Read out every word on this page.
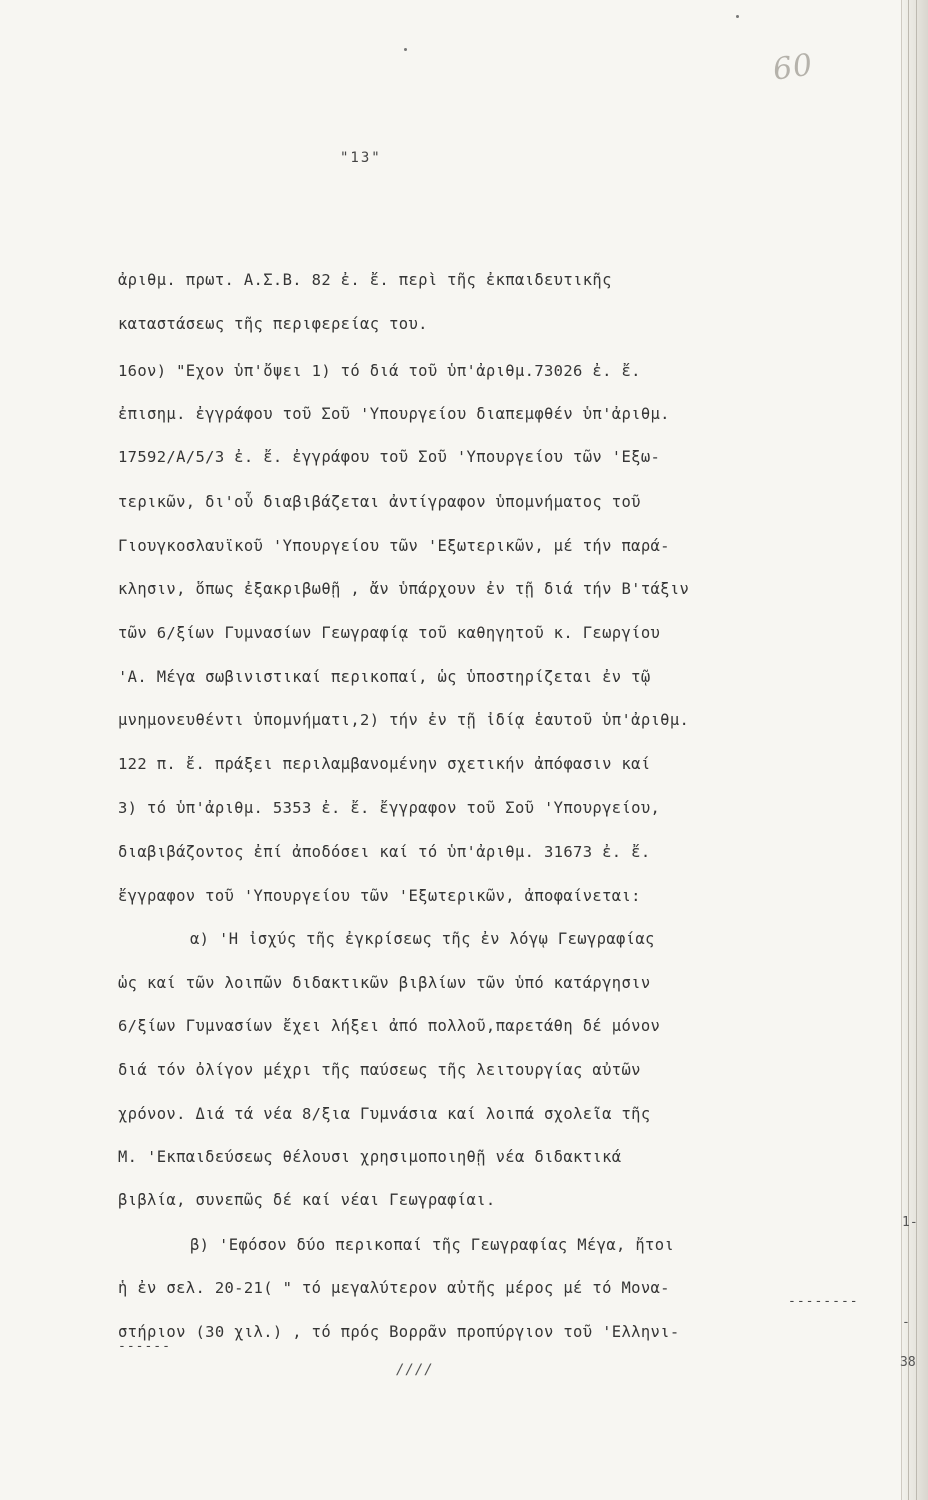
60
"13"
ἀριθμ. πρωτ. Α.Σ.Β. 82 ἐ. ἔ. περὶ τῆς ἐκπαιδευτικῆς
καταστάσεως τῆς περιφερείας του.
16ον) "Εχον ὑπ'ὄψει 1) τό διά τοῦ ὑπ'ἀριθμ.73026 ἐ. ἔ.
ἐπισημ. ἐγγράφου τοῦ Σοῦ 'Υπουργείου διαπεμφθέν ὑπ'ἀριθμ.
17592/Α/5/3 ἐ. ἔ. ἐγγράφου τοῦ Σοῦ 'Υπουργείου τῶν 'Εξω-
τερικῶν, δι'οὗ διαβιβάζεται ἀντίγραφον ὑπομνήματος τοῦ
Γιουγκοσλαυϊκοῦ 'Υπουργείου τῶν 'Εξωτερικῶν, μέ τήν παρά-
κλησιν, ὅπως ἐξακριβωθῇ , ἄν ὑπάρχουν ἐν τῇ διά τήν Β'τάξιν
τῶν 6/ξίων Γυμνασίων Γεωγραφίᾳ τοῦ καθηγητοῦ κ. Γεωργίου
'Α. Μέγα σωβινιστικαί περικοπαί, ὡς ὑποστηρίζεται ἐν τῷ
μνημονευθέντι ὑπομνήματι,2) τήν ἐν τῇ ἰδίᾳ ἑαυτοῦ ὑπ'ἀριθμ.
122 π. ἔ. πράξει περιλαμβανομένην σχετικήν ἀπόφασιν καί
3) τό ὑπ'ἀριθμ. 5353 ἐ. ἔ. ἔγγραφον τοῦ Σοῦ 'Υπουργείου,
διαβιβάζοντος ἐπί ἀποδόσει καί τό ὑπ'ἀριθμ. 31673 ἐ. ἔ.
ἔγγραφον τοῦ 'Υπουργείου τῶν 'Εξωτερικῶν, ἀποφαίνεται:
α) 'Η ἰσχύς τῆς ἐγκρίσεως τῆς ἐν λόγῳ Γεωγραφίας
ὡς καί τῶν λοιπῶν διδακτικῶν βιβλίων τῶν ὑπό κατάργησιν
6/ξίων Γυμνασίων ἔχει λήξει ἀπό πολλοῦ,παρετάθη δέ μόνον
διά τόν ὀλίγον μέχρι τῆς παύσεως τῆς λειτουργίας αὐτῶν
χρόνον. Διά τά νέα 8/ξια Γυμνάσια καί λοιπά σχολεῖα τῆς
Μ. 'Εκπαιδεύσεως θέλουσι χρησιμοποιηθῇ νέα διδακτικά
βιβλία, συνεπῶς δέ καί νέαι Γεωγραφίαι.
β) 'Εφόσον δύο περικοπαί τῆς Γεωγραφίας Μέγα, ἤτοι
ἡ ἐν σελ. 20-21( " τό μεγαλύτερον αὐτῆς μέρος μέ τό Μονα-
στήριον (30 χιλ.) , τό πρός Βορρᾶν προπύργιον τοῦ 'Ελληνι-
--------
------
////
1-
-
38
